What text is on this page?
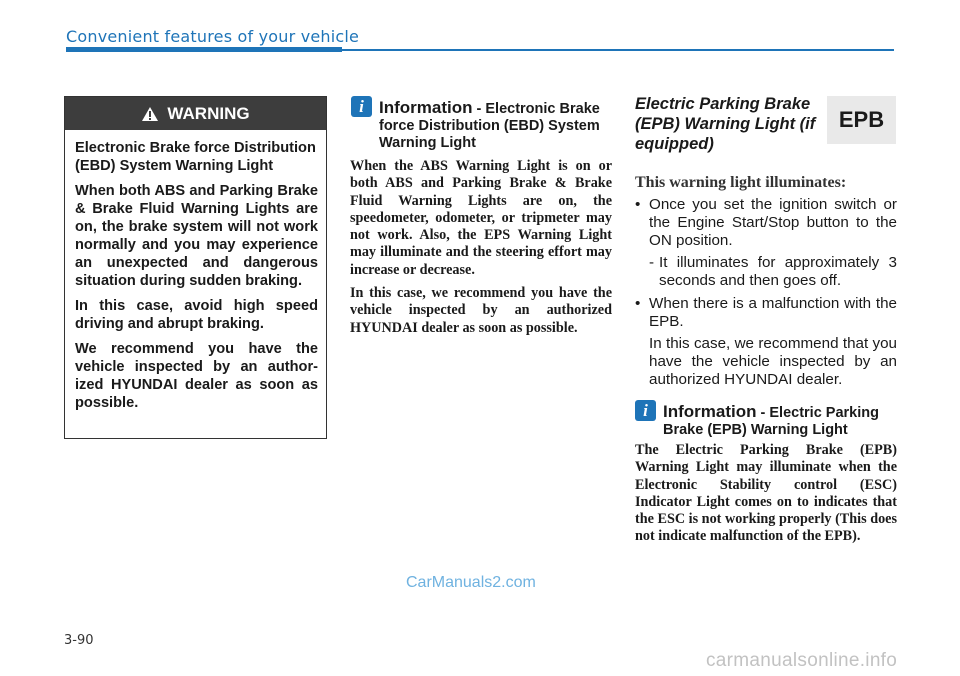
Convenient features of your vehicle
WARNING

Electronic Brake force Distribution (EBD) System Warning Light

When both ABS and Parking Brake & Brake Fluid Warning Lights are on, the brake system will not work normally and you may experience an unexpected and dangerous situation during sudden braking.

In this case, avoid high speed driving and abrupt braking.

We recommend you have the vehicle inspected by an author-ized HYUNDAI dealer as soon as possible.

i Information - Electronic Brake force Distribution (EBD) System Warning Light

When the ABS Warning Light is on or both ABS and Parking Brake & Brake Fluid Warning Lights are on, the speedometer, odometer, or tripmeter may not work. Also, the EPS Warning Light may illuminate and the steering effort may increase or decrease.

In this case, we recommend you have the vehicle inspected by an authorized HYUNDAI dealer as soon as possible.

Electric Parking Brake (EPB) Warning Light (if equipped)
EPB
This warning light illuminates:
• Once you set the ignition switch or the Engine Start/Stop button to the ON position.
- It illuminates for approximately 3 seconds and then goes off.
• When there is a malfunction with the EPB.
In this case, we recommend that you have the vehicle inspected by an authorized HYUNDAI dealer.
i Information - Electric Parking Brake (EPB) Warning Light

The Electric Parking Brake (EPB) Warning Light may illuminate when the Electronic Stability control (ESC) Indicator Light comes on to indicates that the ESC is not working properly (This does not indicate malfunction of the EPB).

CarManuals2.com
3-90
carmanualsonline.info
